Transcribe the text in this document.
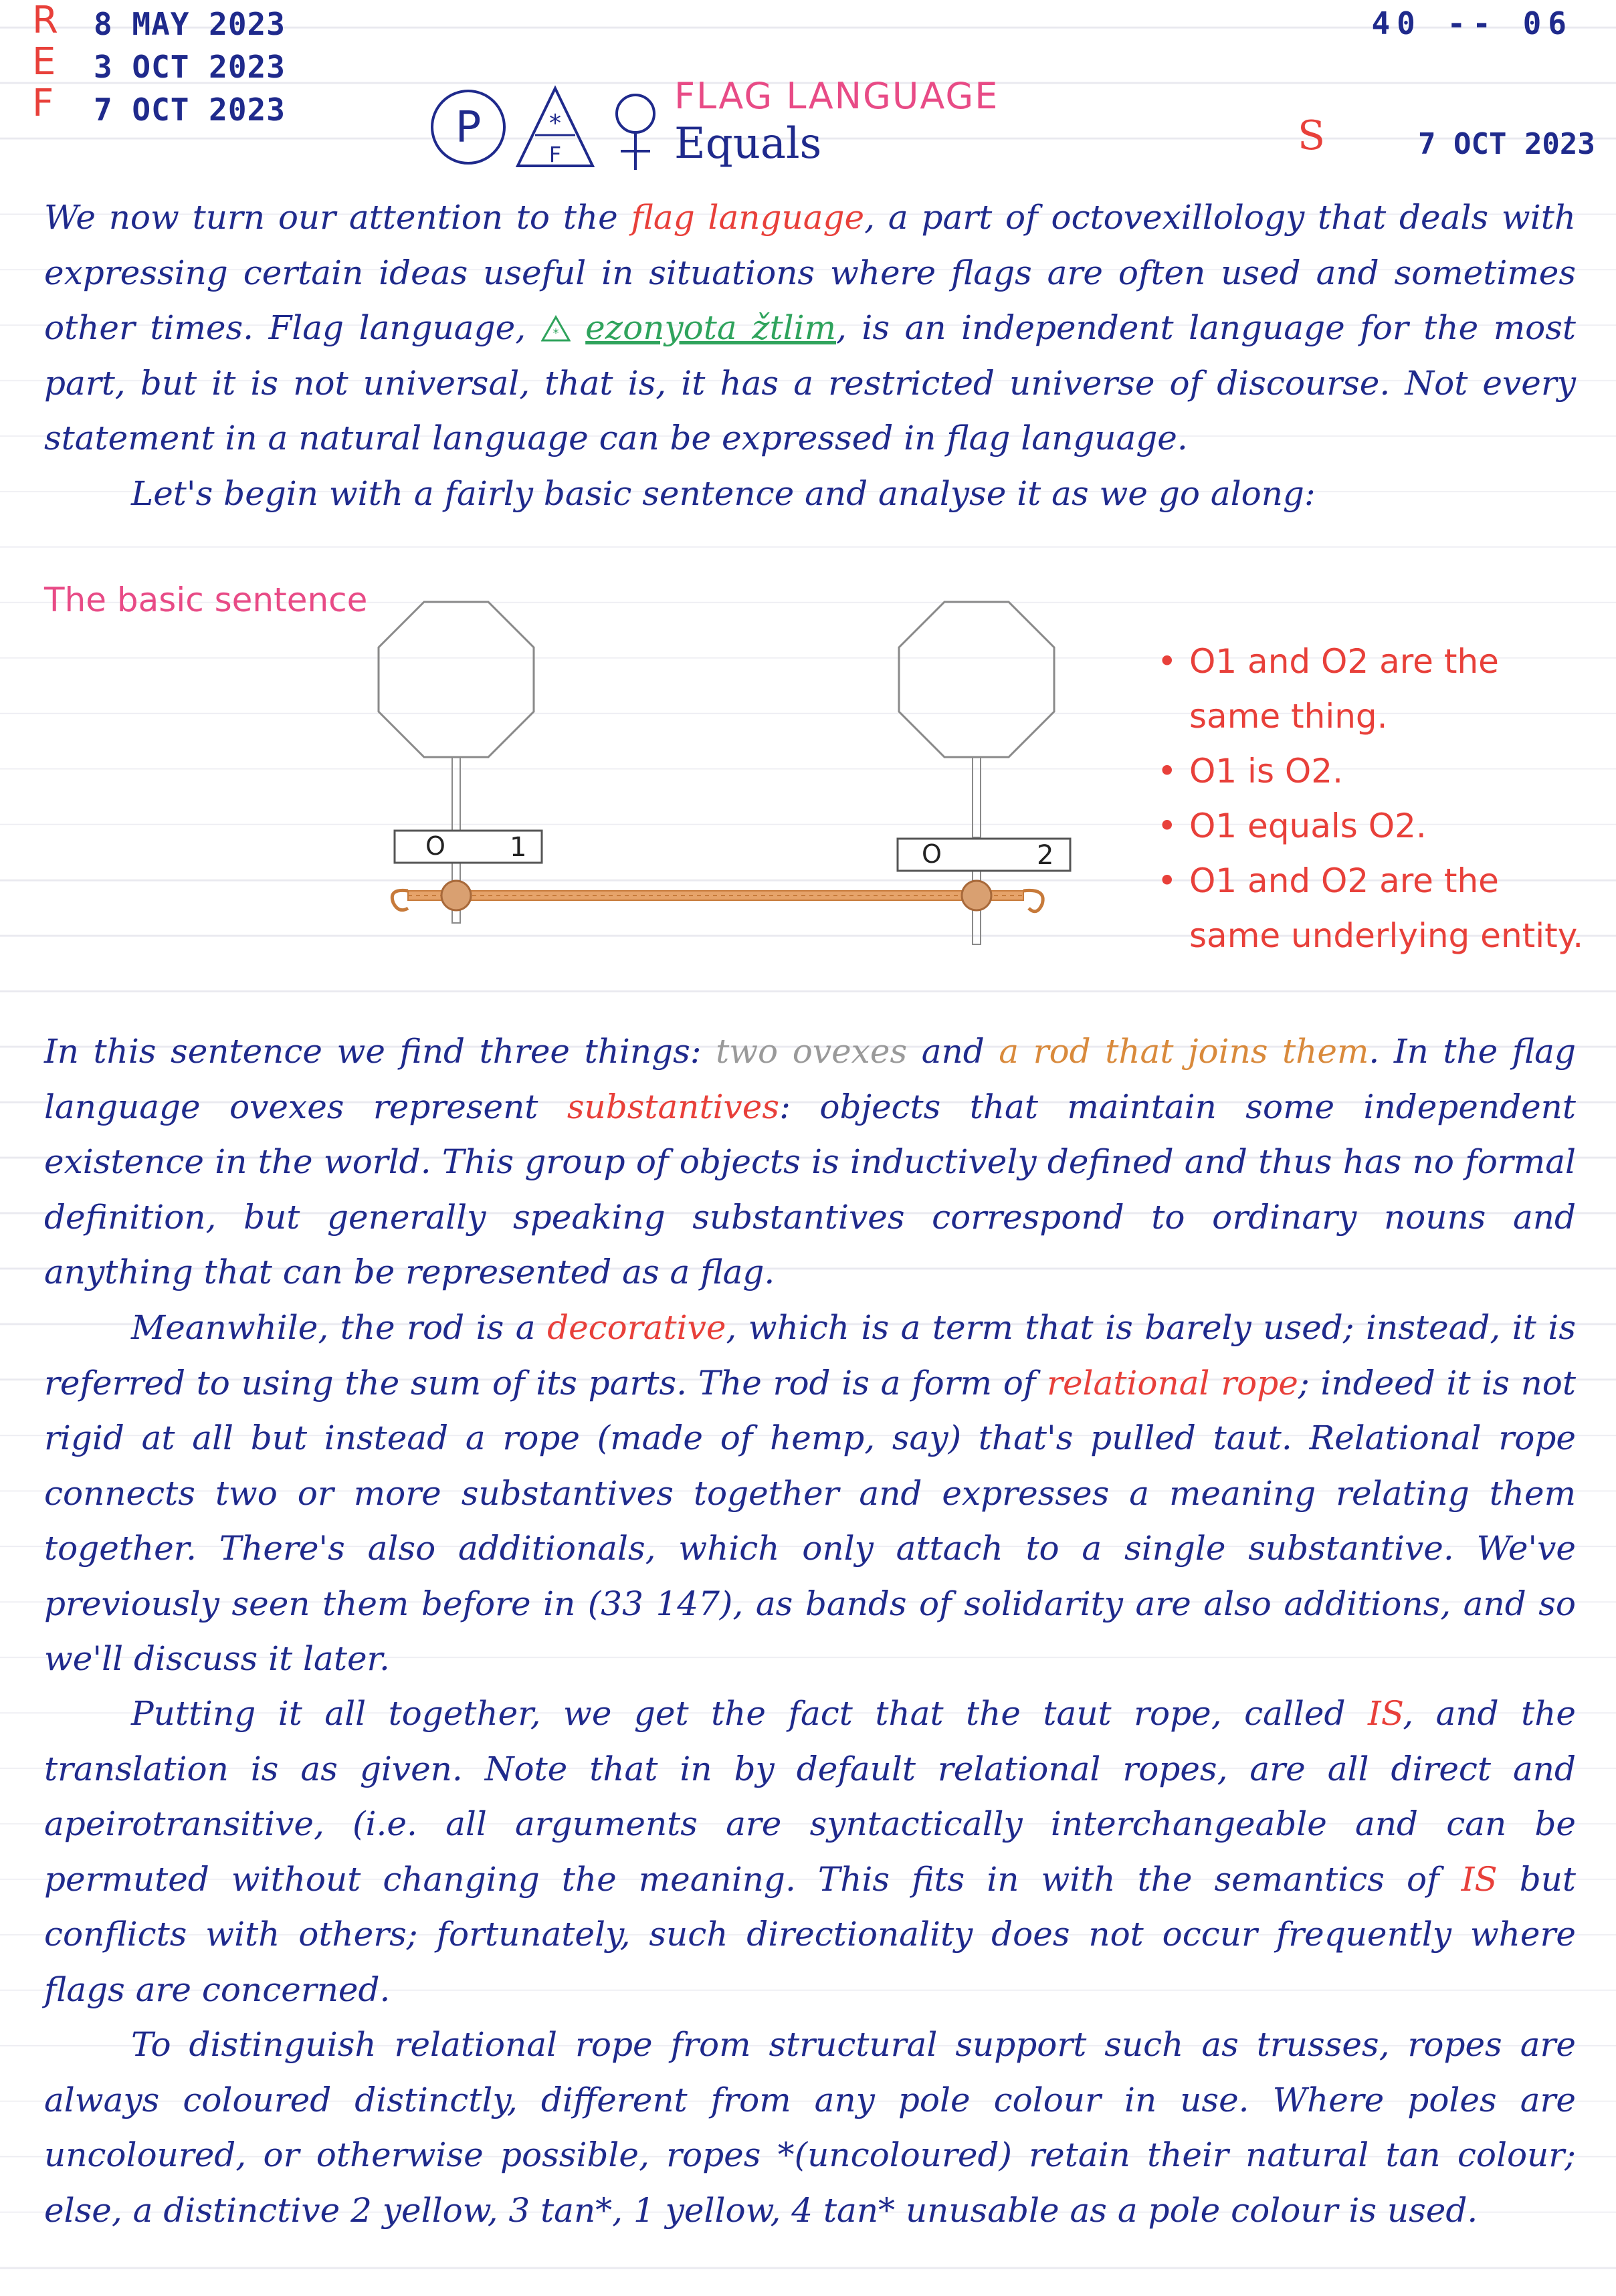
R
E
F
8 MAY 2023
3 OCT 2023
7 OCT 2023
40 -- 06
P	*
F
FLAG LANGUAGE
Equals	S	7 OCT 2023
We now turn our attention to the flag language, a part of octovexillology that deals with expressing certain ideas useful in situations where flags are often used and sometimes other times. Flag language, * ezonyota žtlim, is an independent language for the most part, but it is not universal, that is, it has a restricted universe of discourse. Not every statement in a natural language can be expressed in flag language.
Let's begin with a fairly basic sentence and analyse it as we go along:
The basic sentence
O 1	O	2
• O1 and O2 are the same thing.
• O1 is O2.
• O1 equals O2.
• O1 and O2 are the same underlying entity.
In this sentence we find three things: two ovexes and a rod that joins them. In the flag language ovexes represent substantives: objects that maintain some independent existence in the world. This group of objects is inductively defined and thus has no formal definition, but generally speaking substantives correspond to ordinary nouns and anything that can be represented as a flag.
Meanwhile, the rod is a decorative, which is a term that is barely used; instead, it is referred to using the sum of its parts. The rod is a form of relational rope; indeed it is not rigid at all but instead a rope (made of hemp, say) that's pulled taut. Relational rope connects two or more substantives together and expresses a meaning relating them together. There's also additionals, which only attach to a single substantive. We've previously seen them before in (33 147), as bands of solidarity are also additions, and so we'll discuss it later.
Putting it all together, we get the fact that the taut rope, called IS, and the translation is as given. Note that in by default relational ropes, are all direct and apeirotransitive, (i.e. all arguments are syntactically interchangeable and can be permuted without changing the meaning. This fits in with the semantics of IS but conflicts with others; fortunately, such directionality does not occur frequently where flags are concerned.
To distinguish relational rope from structural support such as trusses, ropes are always coloured distinctly, different from any pole colour in use. Where poles are uncoloured, or otherwise possible, ropes *(uncoloured) retain their natural tan colour; else, a distinctive 2 yellow, 3 tan*, 1 yellow, 4 tan* unusable as a pole colour is used.
